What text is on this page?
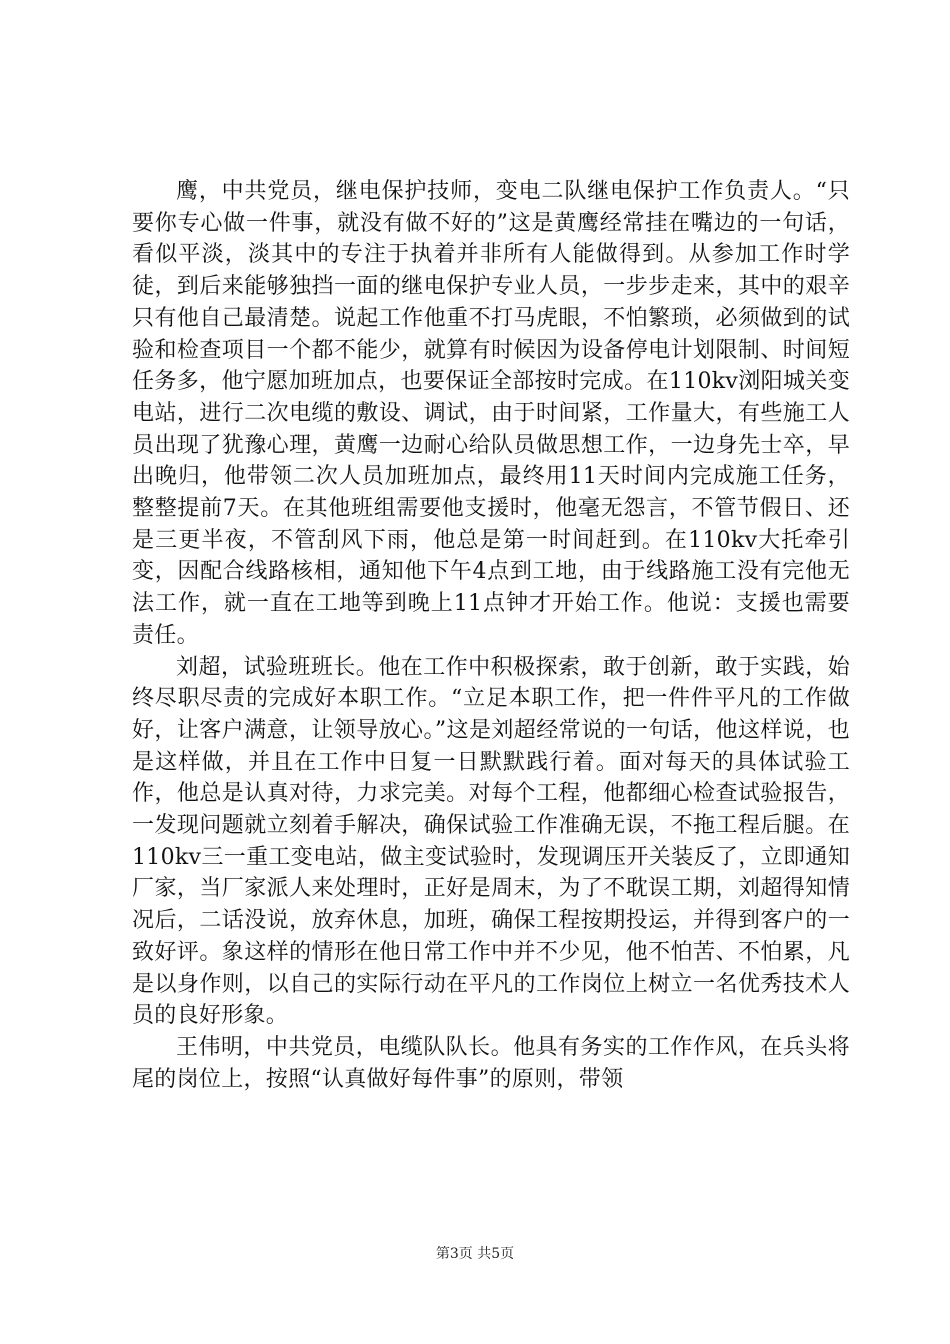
鹰，中共党员，继电保护技师，变电二队继电保护工作负责人。“只要你专心做一件事，就没有做不好的”这是黄鹰经常挂在嘴边的一句话，看似平淡，淡其中的专注于执着并非所有人能做得到。从参加工作时学徒，到后来能够独挡一面的继电保护专业人员，一步步走来，其中的艰辛只有他自己最清楚。说起工作他重不打马虎眼，不怕繁琐，必须做到的试验和检查项目一个都不能少，就算有时候因为设备停电计划限制、时间短任务多，他宁愿加班加点，也要保证全部按时完成。在110kv浏阳城关变电站，进行二次电缆的敷设、调试，由于时间紧，工作量大，有些施工人员出现了犹豫心理，黄鹰一边耐心给队员做思想工作，一边身先士卒，早出晚归，他带领二次人员加班加点，最终用11天时间内完成施工任务，整整提前7天。在其他班组需要他支援时，他毫无怨言，不管节假日、还是三更半夜，不管刮风下雨，他总是第一时间赶到。在110kv大托牵引变，因配合线路核相，通知他下午4点到工地，由于线路施工没有完他无法工作，就一直在工地等到晚上11点钟才开始工作。他说：支援也需要责任。

刘超，试验班班长。他在工作中积极探索，敢于创新，敢于实践，始终尽职尽责的完成好本职工作。“立足本职工作，把一件件平凡的工作做好，让客户满意，让领导放心。”这是刘超经常说的一句话，他这样说，也是这样做，并且在工作中日复一日默默践行着。面对每天的具体试验工作，他总是认真对待，力求完美。对每个工程，他都细心检查试验报告，一发现问题就立刻着手解决，确保试验工作准确无误，不拖工程后腿。在110kv三一重工变电站，做主变试验时，发现调压开关装反了，立即通知厂家，当厂家派人来处理时，正好是周末，为了不耽误工期，刘超得知情况后，二话没说，放弃休息，加班，确保工程按期投运，并得到客户的一致好评。象这样的情形在他日常工作中并不少见，他不怕苦、不怕累，凡是以身作则，以自己的实际行动在平凡的工作岗位上树立一名优秀技术人员的良好形象。

王伟明，中共党员，电缆队队长。他具有务实的工作作风，在兵头将尾的岗位上，按照“认真做好每件事”的原则，带领

第3页 共5页
